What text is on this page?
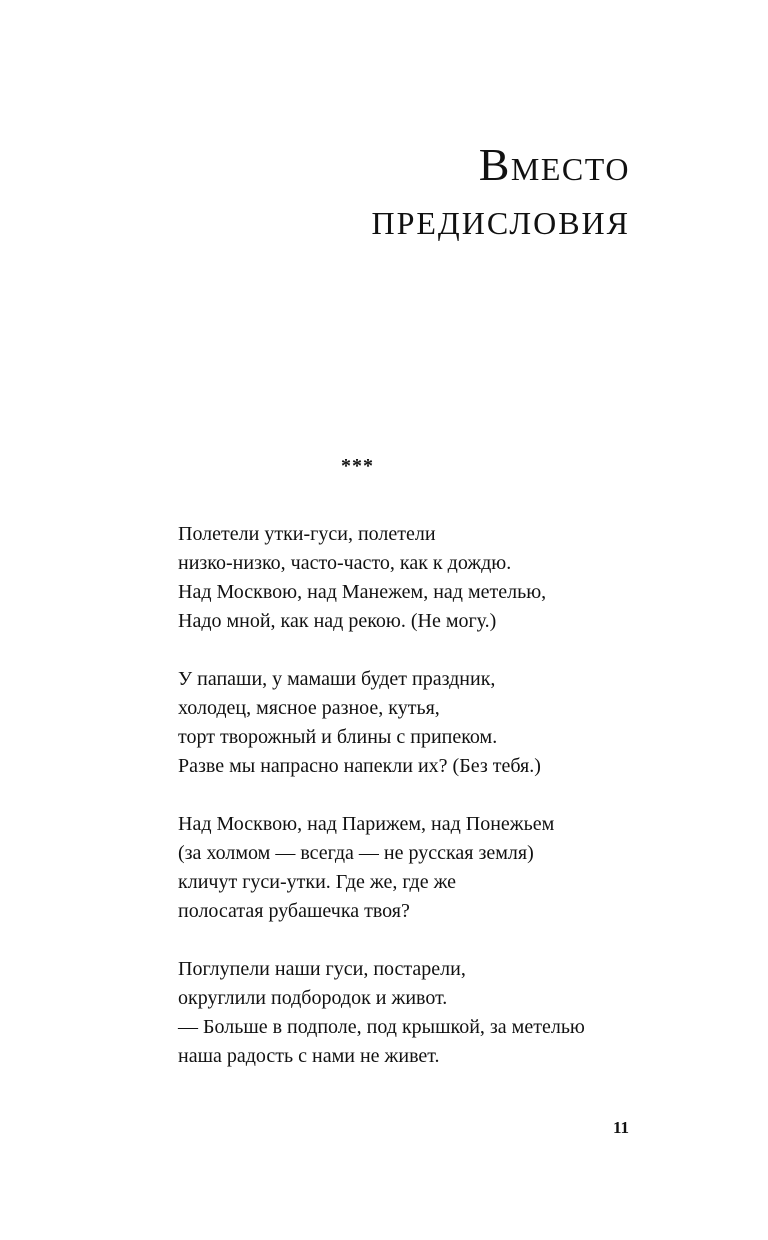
Вместо
предисловия
***
Полетели утки-гуси, полетели
низко-низко, часто-часто, как к дождю.
Над Москвою, над Манежем, над метелью,
Надо мной, как над рекою. (Не могу.)
У папаши, у мамаши будет праздник,
холодец, мясное разное, кутья,
торт творожный и блины с припеком.
Разве мы напрасно напекли их? (Без тебя.)
Над Москвою, над Парижем, над Понежьем
(за холмом — всегда — не русская земля)
кличут гуси-утки. Где же, где же
полосатая рубашечка твоя?
Поглупели наши гуси, постарели,
округлили подбородок и живот.
— Больше в подполе, под крышкой, за метелью
наша радость с нами не живет.
11
